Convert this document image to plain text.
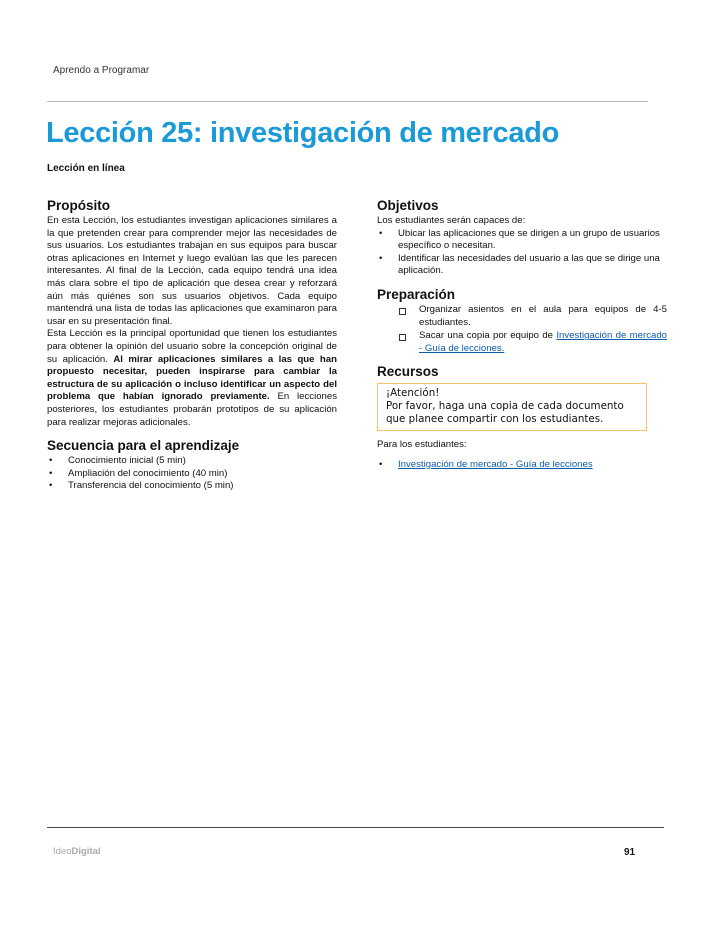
Aprendo a Programar
Lección 25: investigación de mercado
Lección en línea
Propósito

En esta Lección, los estudiantes investigan aplicaciones similares a la que pretenden crear para comprender mejor las necesidades de sus usuarios. Los estudiantes trabajan en sus equipos para buscar otras aplicaciones en Internet y luego evalúan las que les parecen interesantes. Al final de la Lección, cada equipo tendrá una idea más clara sobre el tipo de aplicación que desea crear y reforzará aún más quiénes son sus usuarios objetivos. Cada equipo mantendrá una lista de todas las aplicaciones que examinaron para usar en su presentación final.

Esta Lección es la principal oportunidad que tienen los estudiantes para obtener la opinión del usuario sobre la concepción original de su aplicación. Al mirar aplicaciones similares a las que han propuesto necesitar, pueden inspirarse para cambiar la estructura de su aplicación o incluso identificar un aspecto del problema que habían ignorado previamente. En lecciones posteriores, los estudiantes probarán prototipos de su aplicación para realizar mejoras adicionales.

Secuencia para el aprendizaje
• Conocimiento inicial (5 min)
• Ampliación del conocimiento (40 min)
• Transferencia del conocimiento (5 min)
Objetivos

Los estudiantes serán capaces de:

• Ubicar las aplicaciones que se dirigen a un grupo de usuarios específico o necesitan.
• Identificar las necesidades del usuario a las que se dirige una aplicación.
Preparación
Organizar asientos en el aula para equipos de 4-5 estudiantes.
Sacar una copia por equipo de Investigación de mercado - Guía de lecciones.
Recursos
¡Atención!
Por favor, haga una copia de cada documento que planee compartir con los estudiantes.

Para los estudiantes:

• Investigación de mercado - Guía de lecciones
IdeoDigital	91
